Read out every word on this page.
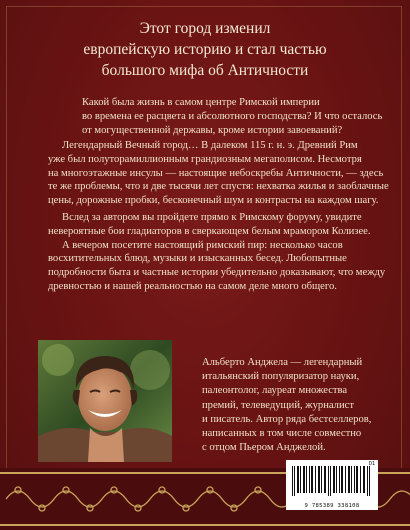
Этот город изменил
европейскую историю и стал частью
большого мифа об Античности
Какой была жизнь в самом центре Римской империи
во времена ее расцвета и абсолютного господства? И что осталось
от могущественной державы, кроме истории завоеваний?
Легендарный Вечный город… В далеком 115 г. н. э. Древний Рим
уже был полуторамиллионным грандиозным мегаполисом. Несмотря
на многоэтажные инсулы — настоящие небоскребы Античности, — здесь
те же проблемы, что и две тысячи лет спустя: нехватка жилья и заоблачные
цены, дорожные пробки, бесконечный шум и контрасты на каждом шагу.
Вслед за автором вы пройдете прямо к Римскому форуму, увидите
невероятные бои гладиаторов в сверкающем белым мрамором Колизее.
А вечером посетите настоящий римский пир: несколько часов
восхитительных блюд, музыки и изысканных бесед. Любопытные
подробности быта и частные истории убедительно доказывают, что между
древностью и нашей реальностью на самом деле много общего.
Альберто Анджела — легендарный
итальянский популяризатор науки,
палеонтолог, лауреат множества
премий, телеведущий, журналист
и писатель. Автор ряда бестселлеров,
написанных в том числе совместно
с отцом Пьером Анджелой.
D1
9 785389 338108
